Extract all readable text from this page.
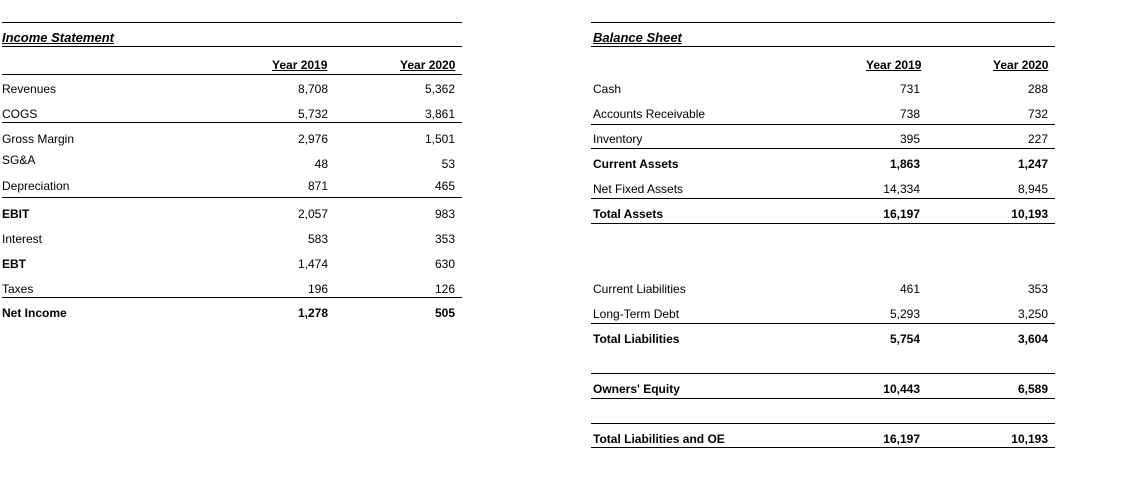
Income Statement
Year 2019	Year 2020
Revenues	8,708	5,362
COGS	5,732	3,861
Gross Margin	2,976	1,501
SG&A	48	53
Depreciation	871	465
EBIT	2,057	983
Interest	583	353
EBT	1,474	630
Taxes	196	126
Net Income	1,278	505
Balance Sheet
Year 2019	Year 2020
Cash	731	288
Accounts Receivable	738	732
Inventory	395	227
Current Assets	1,863	1,247
Net Fixed Assets	14,334	8,945
Total Assets	16,197	10,193
Current Liabilities	461	353
Long-Term Debt	5,293	3,250
Total Liabilities	5,754	3,604
Owners' Equity	10,443	6,589
Total Liabilities and OE	16,197	10,193
